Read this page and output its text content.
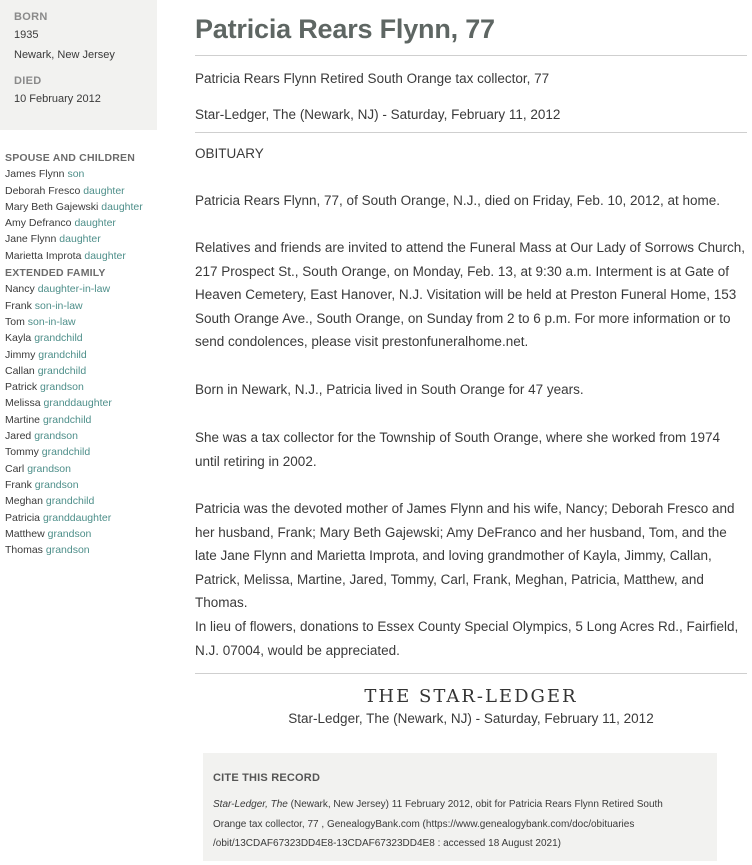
BORN
1935
Newark, New Jersey
DIED
10 February 2012
SPOUSE AND CHILDREN
James Flynn son
Deborah Fresco daughter
Mary Beth Gajewski daughter
Amy Defranco daughter
Jane Flynn daughter
Marietta Improta daughter
EXTENDED FAMILY
Nancy daughter-in-law
Frank son-in-law
Tom son-in-law
Kayla grandchild
Jimmy grandchild
Callan grandchild
Patrick grandson
Melissa granddaughter
Martine grandchild
Jared grandson
Tommy grandchild
Carl grandson
Frank grandson
Meghan grandchild
Patricia granddaughter
Matthew grandson
Thomas grandson
Patricia Rears Flynn, 77
Patricia Rears Flynn Retired South Orange tax collector, 77
Star-Ledger, The (Newark, NJ) - Saturday, February 11, 2012
OBITUARY
Patricia Rears Flynn, 77, of South Orange, N.J., died on Friday, Feb. 10, 2012, at home.
Relatives and friends are invited to attend the Funeral Mass at Our Lady of Sorrows Church, 217 Prospect St., South Orange, on Monday, Feb. 13, at 9:30 a.m. Interment is at Gate of Heaven Cemetery, East Hanover, N.J. Visitation will be held at Preston Funeral Home, 153 South Orange Ave., South Orange, on Sunday from 2 to 6 p.m. For more information or to send condolences, please visit prestonfuneralhome.net.
Born in Newark, N.J., Patricia lived in South Orange for 47 years.
She was a tax collector for the Township of South Orange, where she worked from 1974 until retiring in 2002.
Patricia was the devoted mother of James Flynn and his wife, Nancy; Deborah Fresco and her husband, Frank; Mary Beth Gajewski; Amy DeFranco and her husband, Tom, and the late Jane Flynn and Marietta Improta, and loving grandmother of Kayla, Jimmy, Callan, Patrick, Melissa, Martine, Jared, Tommy, Carl, Frank, Meghan, Patricia, Matthew, and Thomas.
In lieu of flowers, donations to Essex County Special Olympics, 5 Long Acres Rd., Fairfield, N.J. 07004, would be appreciated.
THE STAR-LEDGER
Star-Ledger, The (Newark, NJ) - Saturday, February 11, 2012
CITE THIS RECORD
Star-Ledger, The (Newark, New Jersey) 11 February 2012, obit for Patricia Rears Flynn Retired South
Orange tax collector, 77 , GenealogyBank.com (https://www.genealogybank.com/doc/obituaries
/obit/13CDAF67323DD4E8-13CDAF67323DD4E8 : accessed 18 August 2021)
